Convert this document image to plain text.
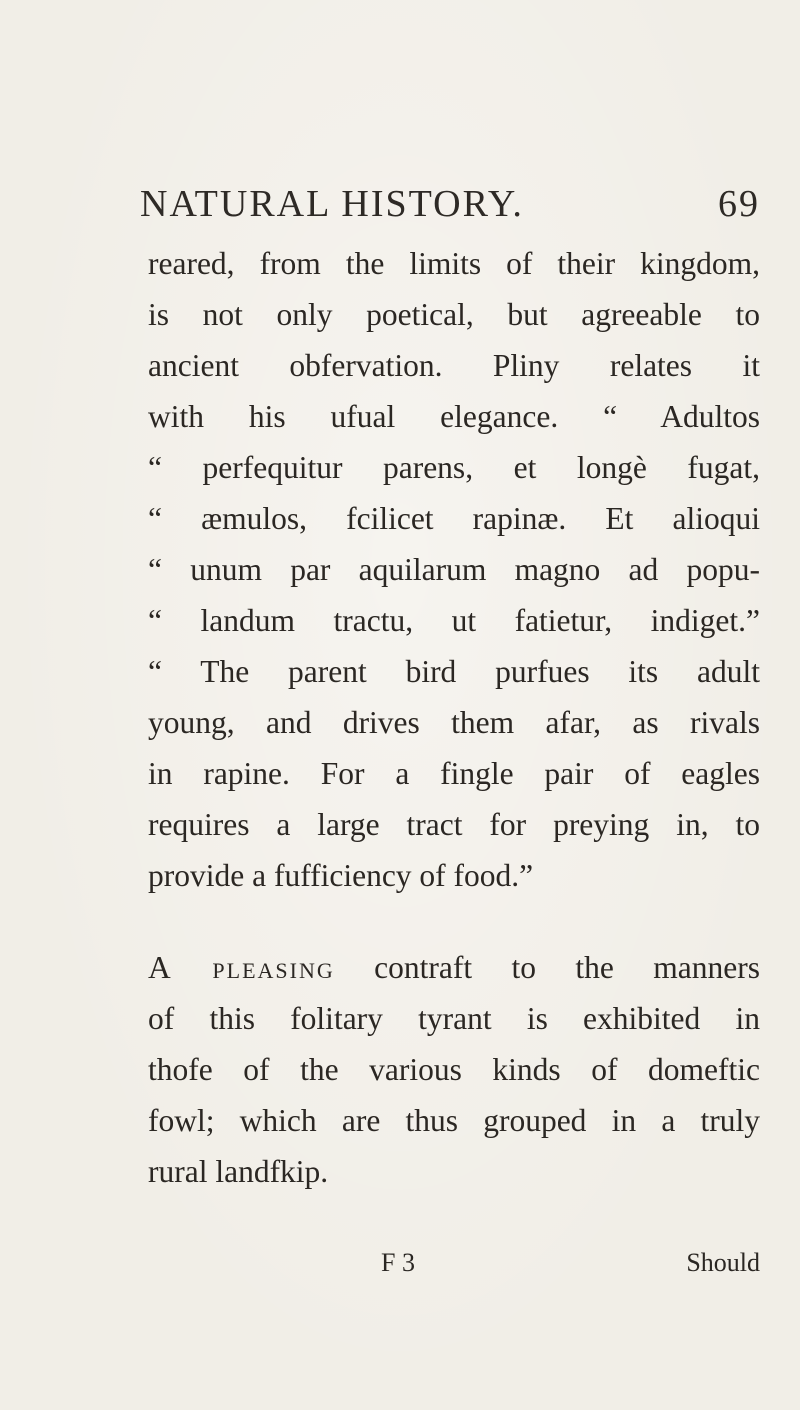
NATURAL HISTORY.	69
reared, from the limits of their kingdom,
is not only poetical, but agreeable to
ancient obfervation. Pliny relates it
with his ufual elegance. “ Adultos
“ perfequitur parens, et longè fugat,
“ æmulos, fcilicet rapinæ. Et alioqui
“ unum par aquilarum magno ad popu-
“ landum tractu, ut fatietur, indiget.”
“ The parent bird purfues its adult
young, and drives them afar, as rivals
in rapine. For a fingle pair of eagles
requires a large tract for preying in, to
provide a fufficiency of food.”
A pleasing contraft to the manners
of this folitary tyrant is exhibited in
thofe of the various kinds of domeftic
fowl; which are thus grouped in a truly
rural landfkip.
F 3	Should
